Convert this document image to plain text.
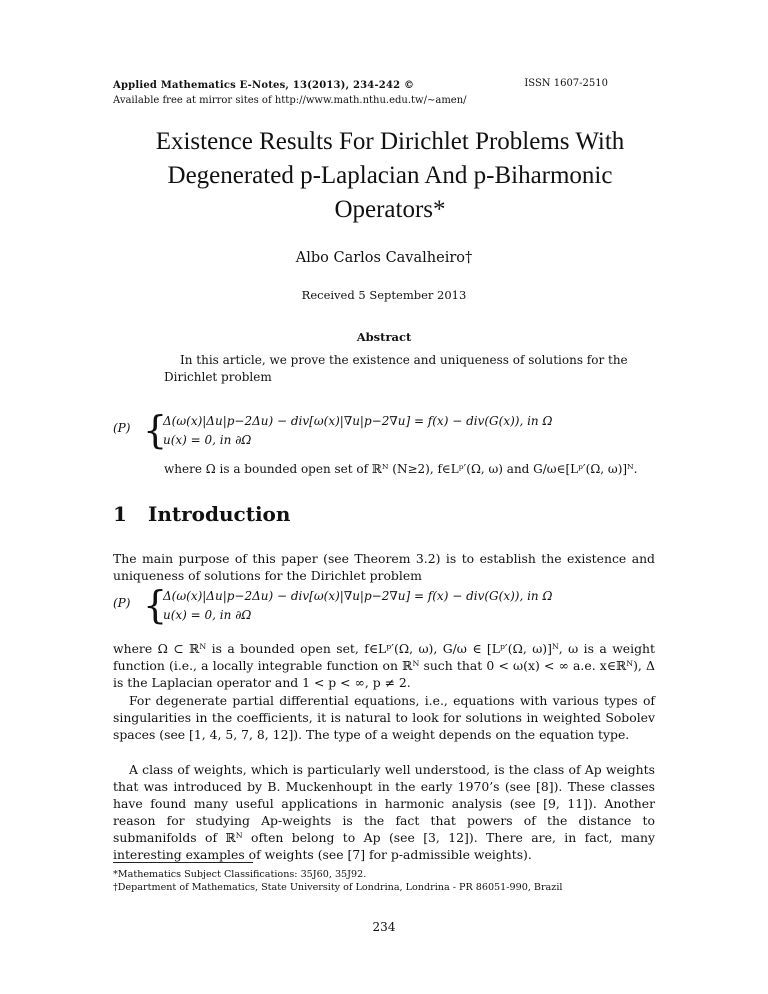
Applied Mathematics E-Notes, 13(2013), 234-242 ©
Available free at mirror sites of http://www.math.nthu.edu.tw/∼amen/
ISSN 1607-2510
Existence Results For Dirichlet Problems With
Degenerated p-Laplacian And p-Biharmonic
Operators*
Albo Carlos Cavalheiro†
Received 5 September 2013
Abstract
In this article, we prove the existence and uniqueness of solutions for the Dirichlet problem
(P) {
Δ(ω(x)|Δu|p−2Δu) − div[ω(x)|∇u|p−2∇u] = f(x) − div(G(x)), in Ω
u(x) = 0, in ∂Ω
where Ω is a bounded open set of ℝᴺ (N≥2), f∈Lᵖ′(Ω, ω) and G/ω∈[Lᵖ′(Ω, ω)]ᴺ.
1 Introduction
The main purpose of this paper (see Theorem 3.2) is to establish the existence and uniqueness of solutions for the Dirichlet problem
(P) {
Δ(ω(x)|Δu|p−2Δu) − div[ω(x)|∇u|p−2∇u] = f(x) − div(G(x)), in Ω
u(x) = 0, in ∂Ω
where Ω ⊂ ℝᴺ is a bounded open set, f∈Lᵖ′(Ω, ω), G/ω ∈ [Lᵖ′(Ω, ω)]ᴺ, ω is a weight function (i.e., a locally integrable function on ℝᴺ such that 0 < ω(x) < ∞ a.e. x∈ℝᴺ), Δ is the Laplacian operator and 1 < p < ∞, p ≠ 2.
For degenerate partial differential equations, i.e., equations with various types of singularities in the coefficients, it is natural to look for solutions in weighted Sobolev spaces (see [1, 4, 5, 7, 8, 12]). The type of a weight depends on the equation type.
A class of weights, which is particularly well understood, is the class of Ap weights that was introduced by B. Muckenhoupt in the early 1970’s (see [8]). These classes have found many useful applications in harmonic analysis (see [9, 11]). Another reason for studying Ap-weights is the fact that powers of the distance to submanifolds of ℝᴺ often belong to Ap (see [3, 12]). There are, in fact, many interesting examples of weights (see [7] for p-admissible weights).
*Mathematics Subject Classifications: 35J60, 35J92.
†Department of Mathematics, State University of Londrina, Londrina - PR 86051-990, Brazil
234
